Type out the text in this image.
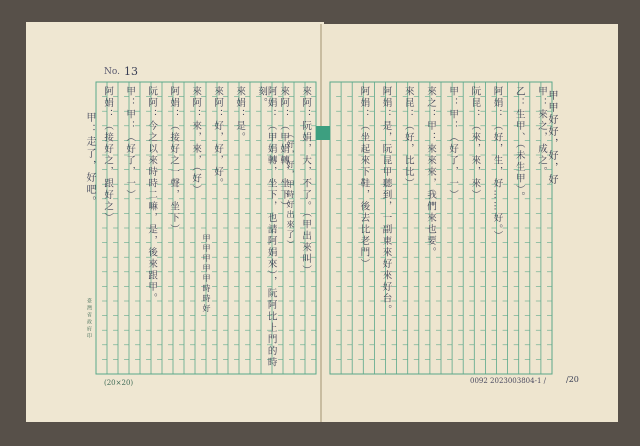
No. 13
甲：來之，成之。
乙：生甲、（未生甲）。
阿娟：（好，生，好……好。）
阮昆：（來，來，來）
甲：甲：（好了，一）
來之：甲：來來來，我們來也要。
來昆：（好，比比）
阿娟：是，阮昆甲聽到，一副東來好來好台。
阿娟：（坐起來下鞋，後去比老門）
來阿：阮娟，大，不了。（甲出來叫）
來阿：（甲娟轉，坐下）
阿娟：（甲娟轉，坐下，也請阿娟來），阮阿比上門的時刻。
來娟：是。
來阿：好，好，好。
來阿：來，來，（好）
阿娟：（接好之一聲，坐下）
阮阿：今之以來時時二嘛，是，後來跟甲。
甲：甲：（好了，一）
阿娟：（接好之，跟好之）
甲：走了，好吧。
甲甲甲甲甲時時好
甲甲好好，好，好
（好，好，甲時好出來了）
臺灣省政府印
(20×20)	0092 2023003804-1 /	/20
